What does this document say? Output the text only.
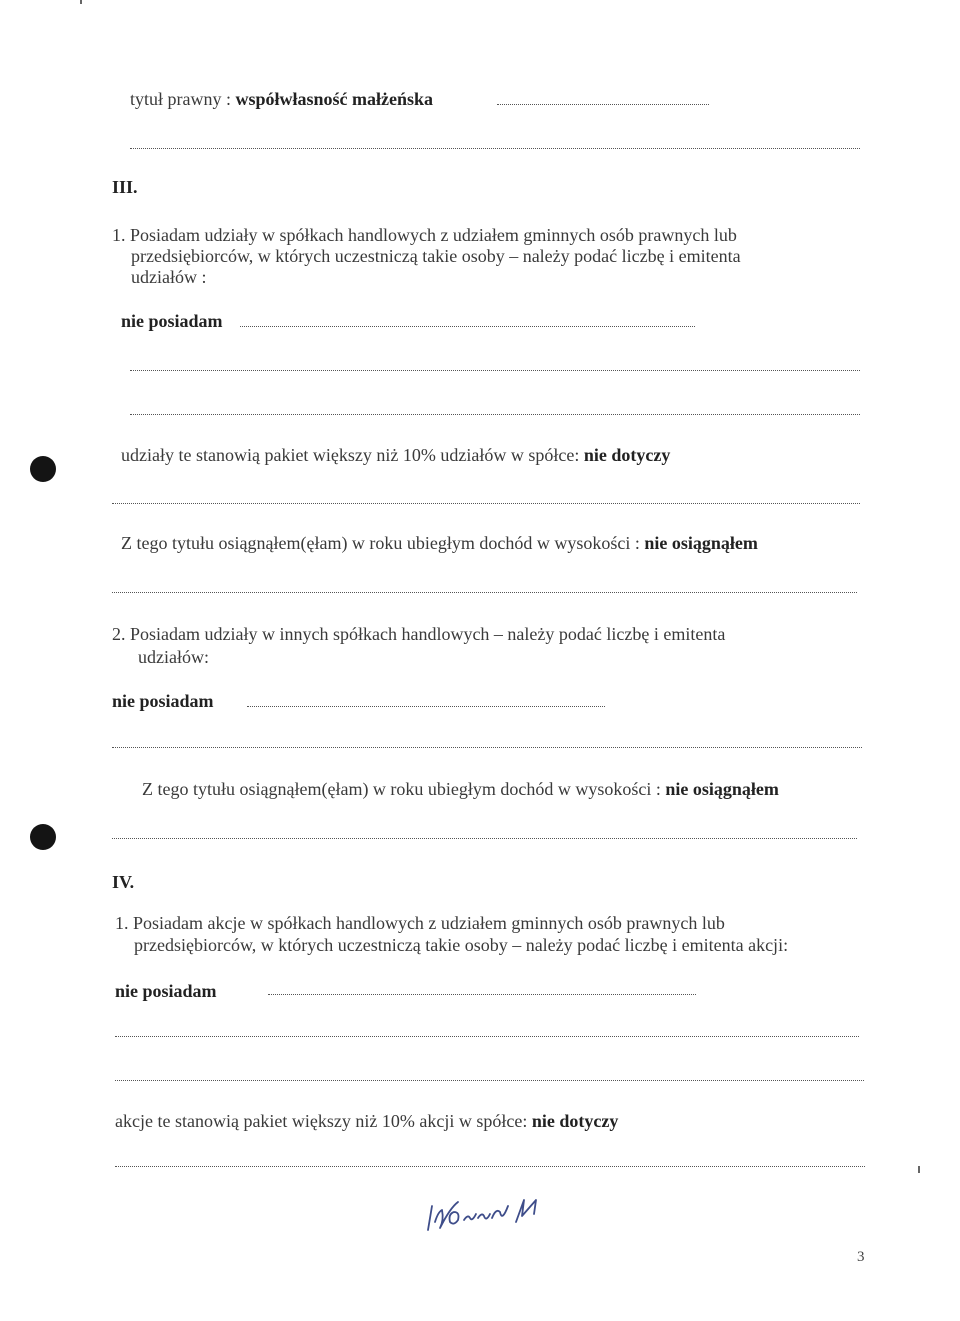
tytuł prawny : współwłasność małżeńska
III.
1. Posiadam udziały w spółkach handlowych z udziałem gminnych osób prawnych lub
przedsiębiorców, w których uczestniczą takie osoby – należy podać liczbę i emitenta
udziałów :
nie posiadam
udziały te stanowią pakiet większy niż 10% udziałów w spółce: nie dotyczy
Z tego tytułu osiągnąłem(ęłam) w roku ubiegłym dochód w wysokości : nie osiągnąłem
2. Posiadam udziały w innych spółkach handlowych – należy podać liczbę i emitenta
udziałów:
nie posiadam
Z tego tytułu osiągnąłem(ęłam) w roku ubiegłym dochód w wysokości : nie osiągnąłem
IV.
1. Posiadam akcje w spółkach handlowych z udziałem gminnych osób prawnych lub
przedsiębiorców, w których uczestniczą takie osoby – należy podać liczbę i emitenta akcji:
nie posiadam
akcje te stanowią pakiet większy niż 10% akcji w spółce: nie dotyczy
3
